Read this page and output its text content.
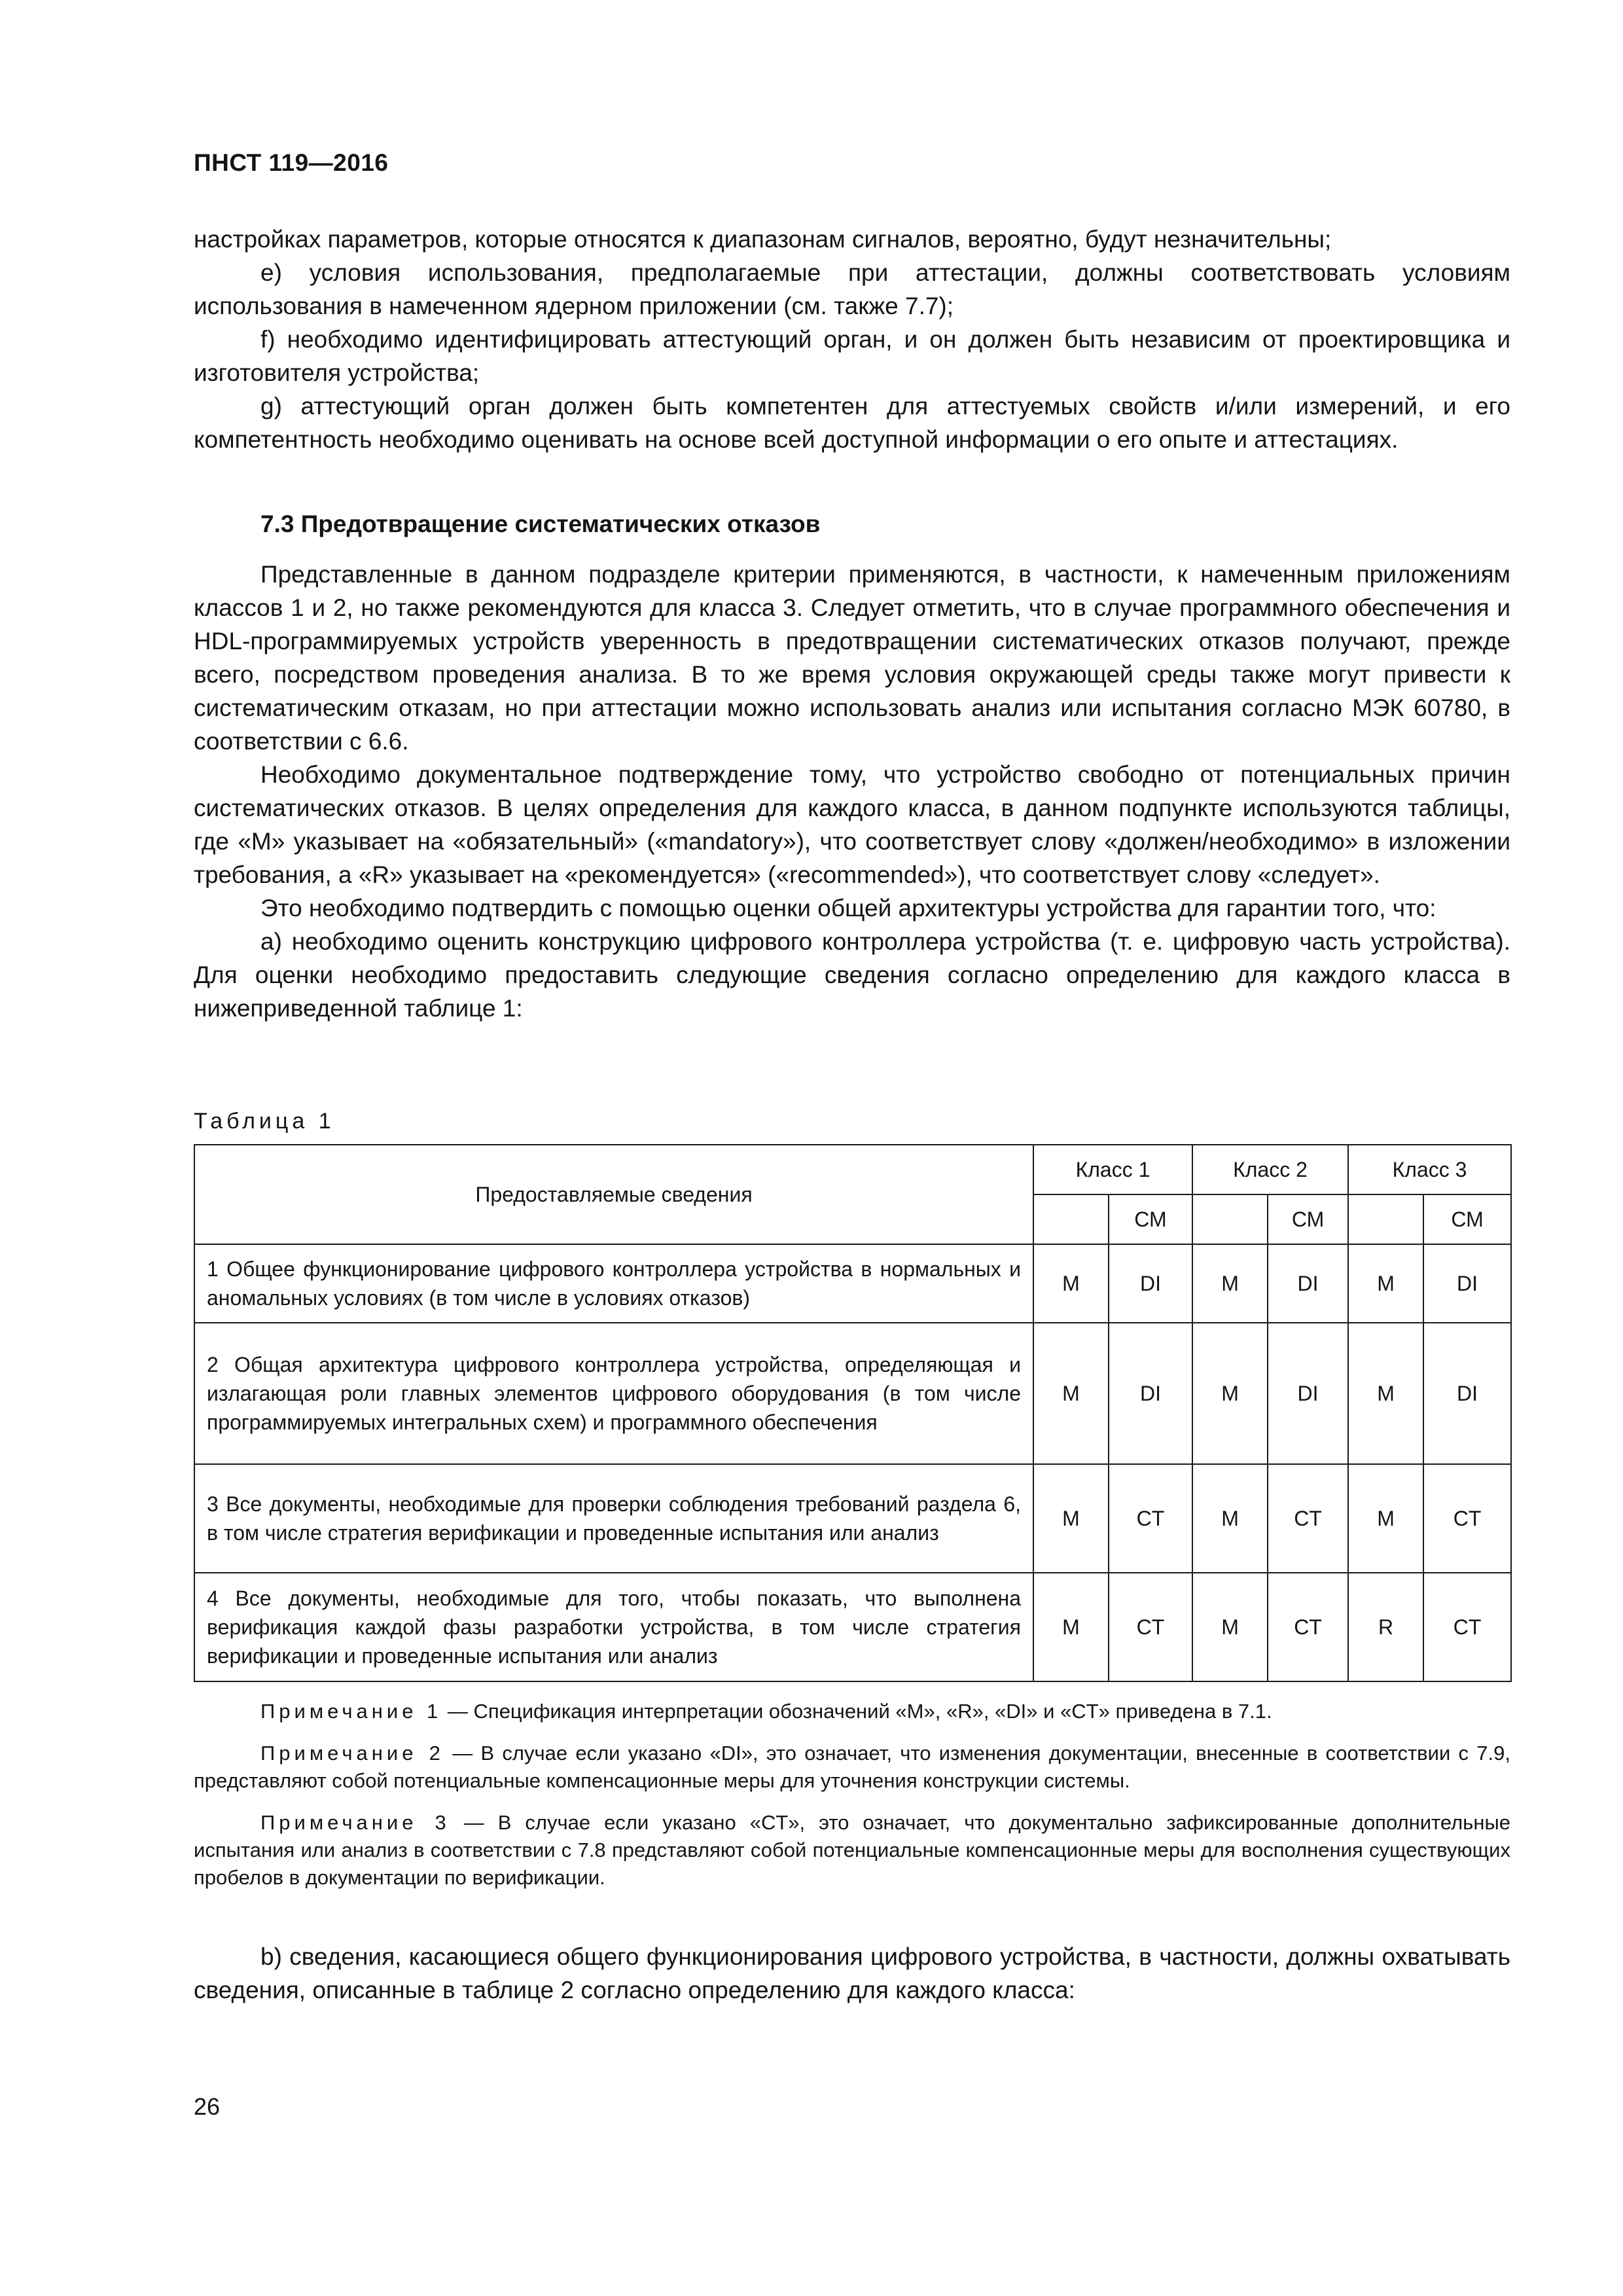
ПНСТ 119—2016

настройках параметров, которые относятся к диапазонам сигналов, вероятно, будут незначительны;

e) условия использования, предполагаемые при аттестации, должны соответствовать условиям использования в намеченном ядерном приложении (см. также 7.7);

f) необходимо идентифицировать аттестующий орган, и он должен быть независим от проектировщика и изготовителя устройства;

g) аттестующий орган должен быть компетентен для аттестуемых свойств и/или измерений, и его компетентность необходимо оценивать на основе всей доступной информации о его опыте и аттестациях.

7.3 Предотвращение систематических отказов

Представленные в данном подразделе критерии применяются, в частности, к намеченным приложениям классов 1 и 2, но также рекомендуются для класса 3. Следует отметить, что в случае программного обеспечения и HDL-программируемых устройств уверенность в предотвращении систематических отказов получают, прежде всего, посредством проведения анализа. В то же время условия окружающей среды также могут привести к систематическим отказам, но при аттестации можно использовать анализ или испытания согласно МЭК 60780, в соответствии с 6.6.

Необходимо документальное подтверждение тому, что устройство свободно от потенциальных причин систематических отказов. В целях определения для каждого класса, в данном подпункте используются таблицы, где «M» указывает на «обязательный» («mandatory»), что соответствует слову «должен/необходимо» в изложении требования, а «R» указывает на «рекомендуется» («recommended»), что соответствует слову «следует».

Это необходимо подтвердить с помощью оценки общей архитектуры устройства для гарантии того, что:

a) необходимо оценить конструкцию цифрового контроллера устройства (т. е. цифровую часть устройства). Для оценки необходимо предоставить следующие сведения согласно определению для каждого класса в нижеприведенной таблице 1:

Таблица 1
Предоставляемые сведения	Класс 1		Класс 2		Класс 3	
		СМ		СМ		СМ
1 Общее функционирование цифрового контроллера устройства в нормальных и аномальных условиях (в том числе в условиях отказов)	M	DI	M	DI	M	DI
2 Общая архитектура цифрового контроллера устройства, определяющая и излагающая роли главных элементов цифрового оборудования (в том числе программируемых интегральных схем) и программного обеспечения	M	DI	M	DI	M	DI
3 Все документы, необходимые для проверки соблюдения требований раздела 6, в том числе стратегия верификации и проведенные испытания или анализ	M	CT	M	CT	M	CT
4 Все документы, необходимые для того, чтобы показать, что выполнена верификация каждой фазы разработки устройства, в том числе стратегия верификации и проведенные испытания или анализ	M	CT	M	CT	R	CT

Примечание 1 — Спецификация интерпретации обозначений «M», «R», «DI» и «CT» приведена в 7.1.

Примечание 2 — В случае если указано «DI», это означает, что изменения документации, внесенные в соответствии с 7.9, представляют собой потенциальные компенсационные меры для уточнения конструкции системы.

Примечание 3 — В случае если указано «CT», это означает, что документально зафиксированные дополнительные испытания или анализ в соответствии с 7.8 представляют собой потенциальные компенсационные меры для восполнения существующих пробелов в документации по верификации.

b) сведения, касающиеся общего функционирования цифрового устройства, в частности, должны охватывать сведения, описанные в таблице 2 согласно определению для каждого класса:

26
